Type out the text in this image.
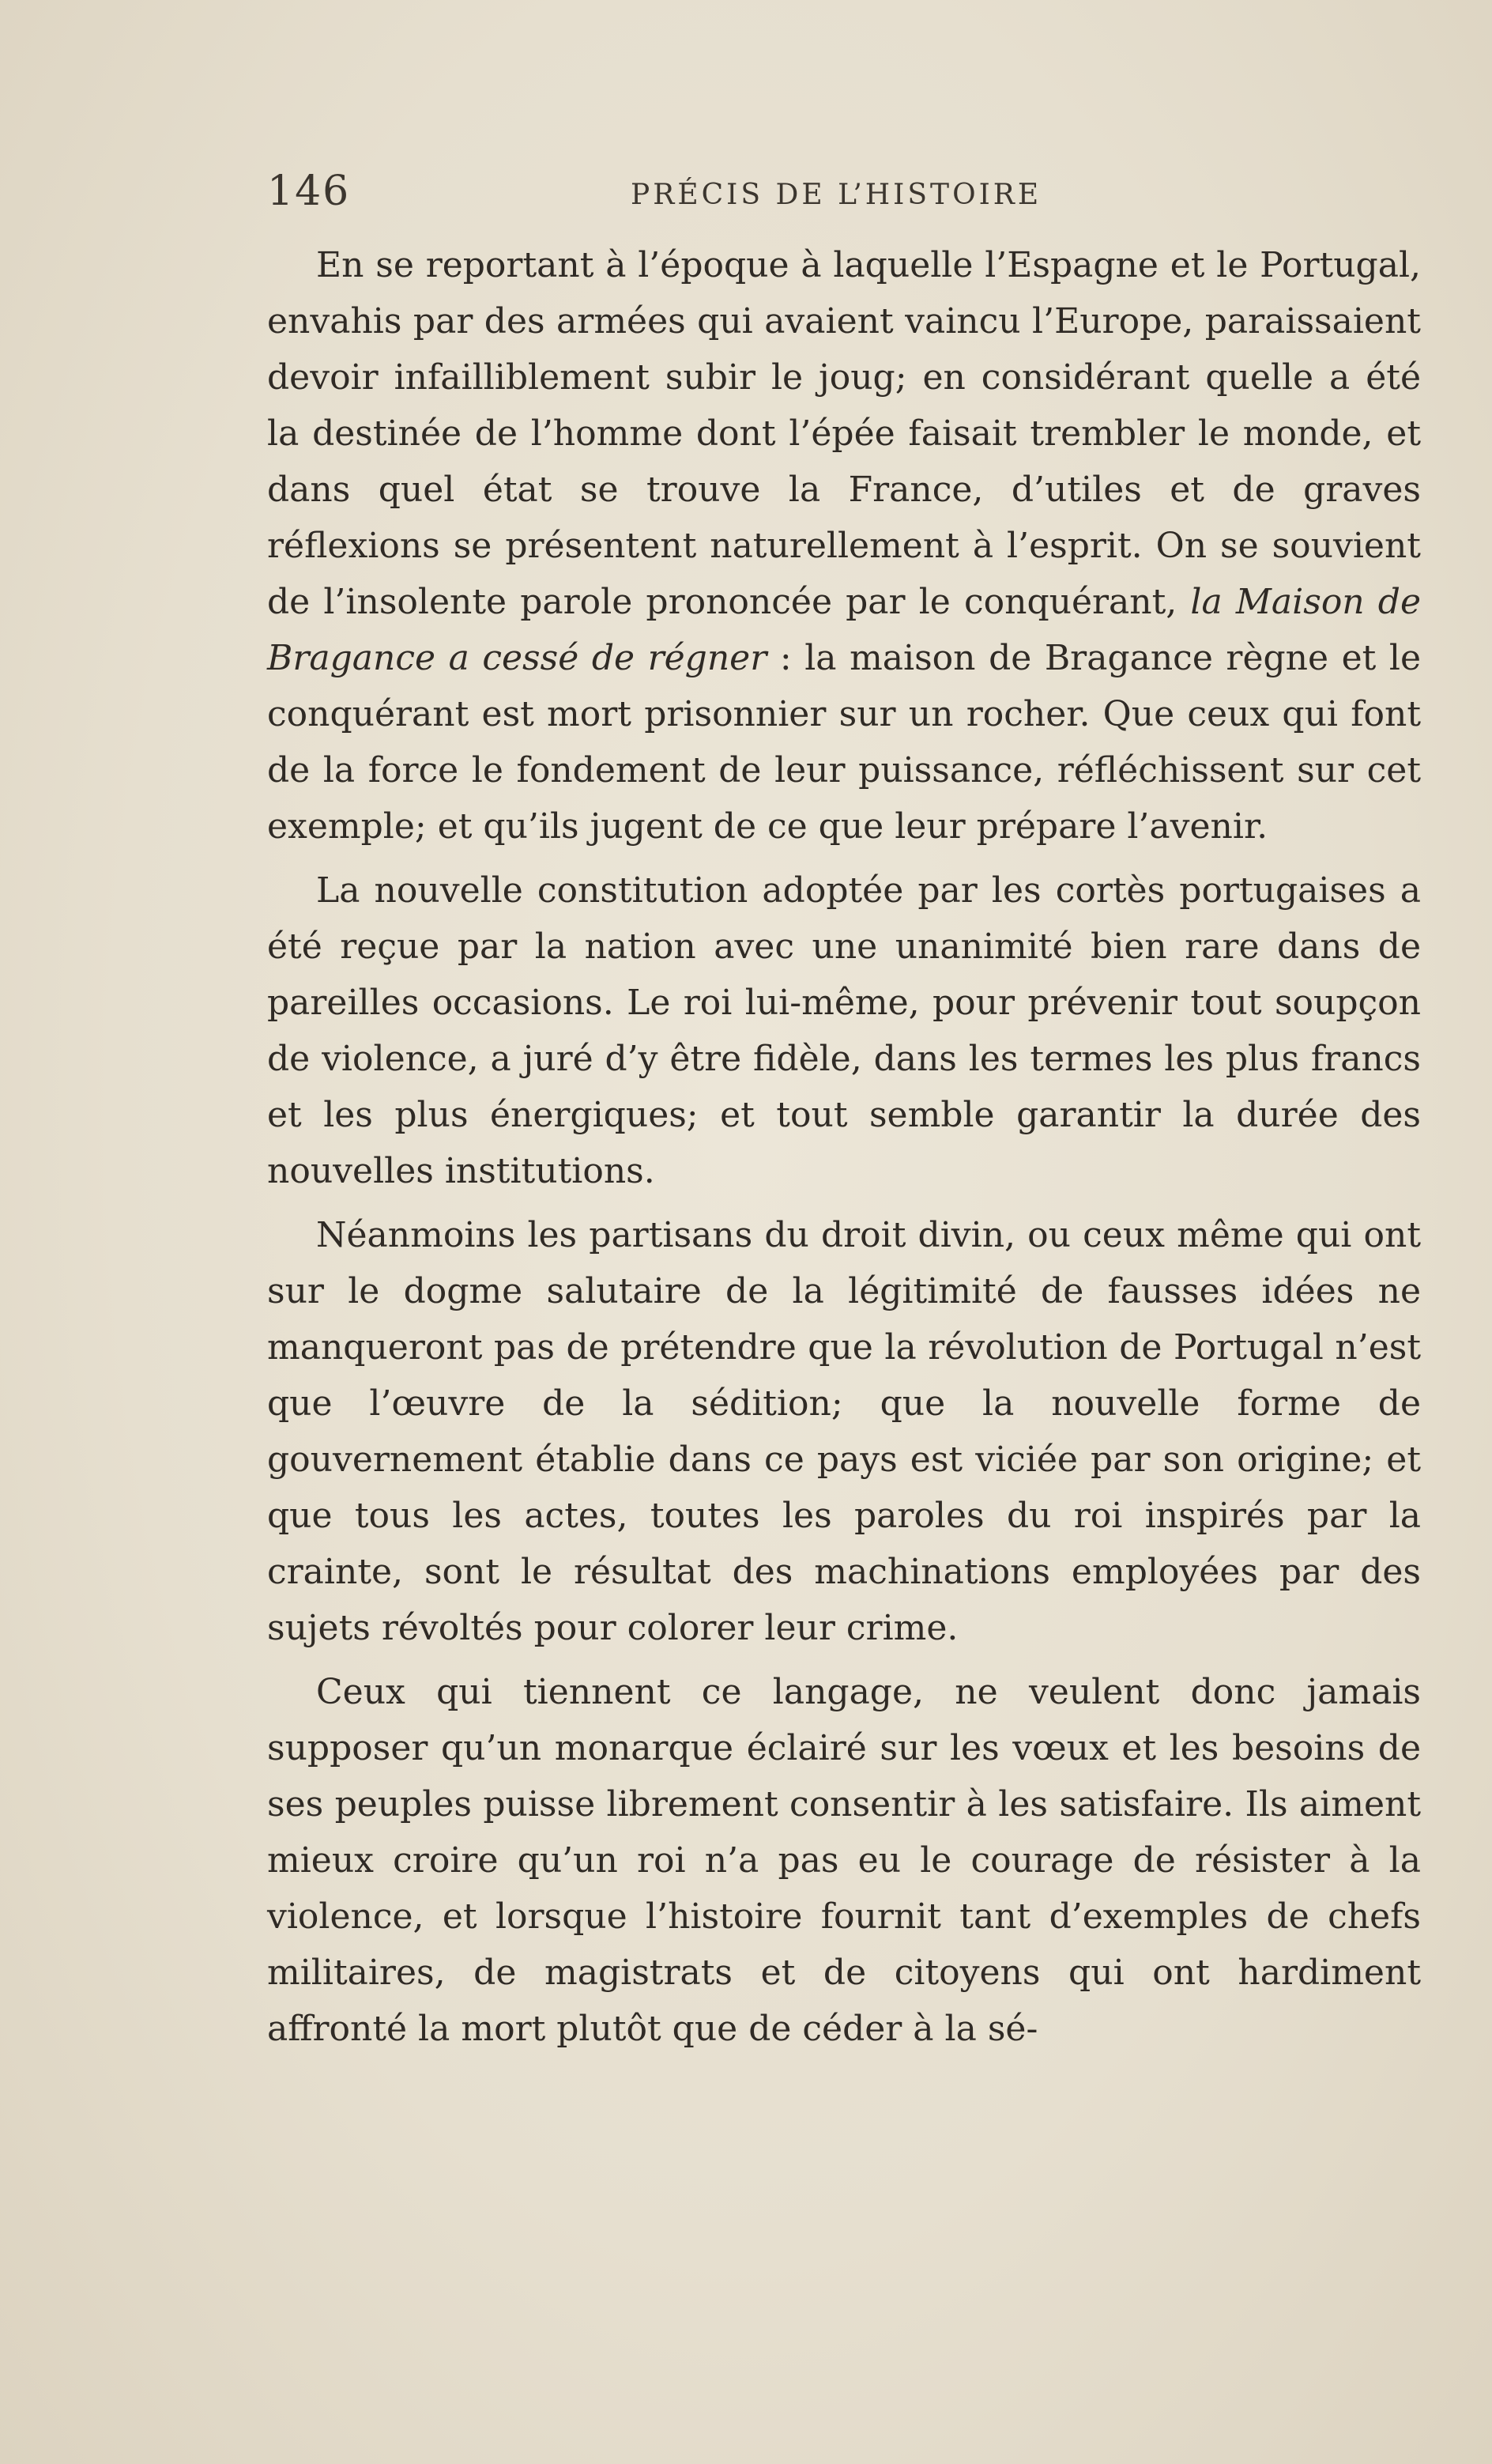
146	PRÉCIS DE L’HISTOIRE

En se reportant à l’époque à laquelle l’Espagne et le Portugal, envahis par des armées qui avaient vaincu l’Europe, paraissaient devoir infailliblement subir le joug; en considérant quelle a été la destinée de l’homme dont l’épée faisait trembler le monde, et dans quel état se trouve la France, d’utiles et de graves réflexions se présentent naturellement à l’esprit. On se souvient de l’insolente parole prononcée par le conquérant, la Maison de Bragance a cessé de régner : la maison de Bragance règne et le conquérant est mort prisonnier sur un rocher. Que ceux qui font de la force le fondement de leur puissance, réfléchissent sur cet exemple; et qu’ils jugent de ce que leur prépare l’avenir.

La nouvelle constitution adoptée par les cortès portugaises a été reçue par la nation avec une unanimité bien rare dans de pareilles occasions. Le roi lui-même, pour prévenir tout soupçon de violence, a juré d’y être fidèle, dans les termes les plus francs et les plus énergiques; et tout semble garantir la durée des nouvelles institutions.

Néanmoins les partisans du droit divin, ou ceux même qui ont sur le dogme salutaire de la légitimité de fausses idées ne manqueront pas de prétendre que la révolution de Portugal n’est que l’œuvre de la sédition; que la nouvelle forme de gouvernement établie dans ce pays est viciée par son origine; et que tous les actes, toutes les paroles du roi inspirés par la crainte, sont le résultat des machinations employées par des sujets révoltés pour colorer leur crime.

Ceux qui tiennent ce langage, ne veulent donc jamais supposer qu’un monarque éclairé sur les vœux et les besoins de ses peuples puisse librement consentir à les satisfaire. Ils aiment mieux croire qu’un roi n’a pas eu le courage de résister à la violence, et lorsque l’histoire fournit tant d’exemples de chefs militaires, de magistrats et de citoyens qui ont hardiment affronté la mort plutôt que de céder à la sé-
